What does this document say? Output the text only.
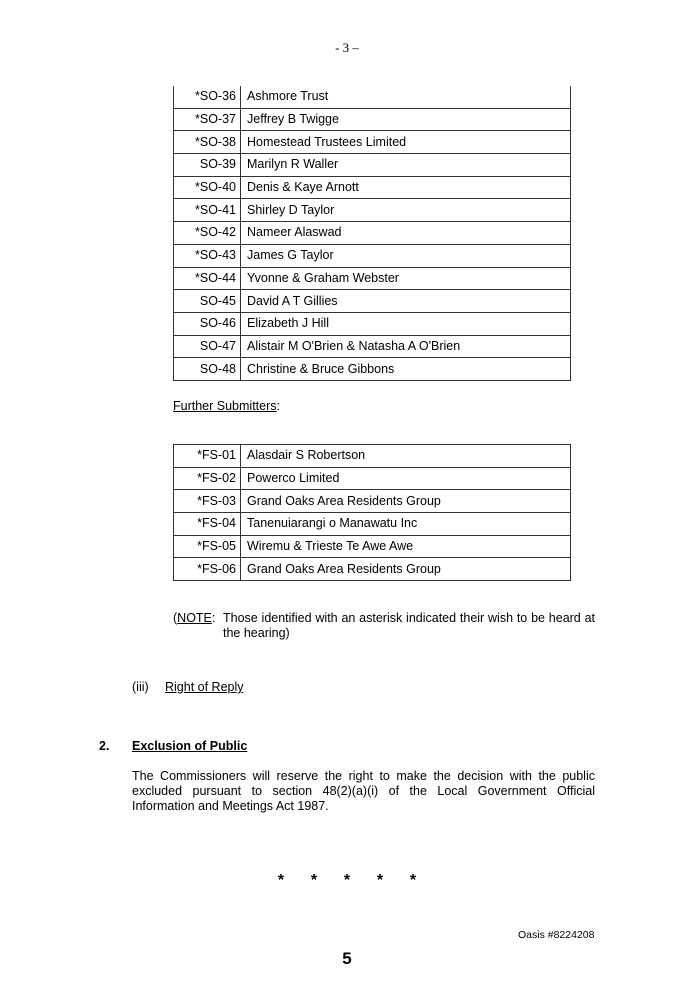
- 3 –
*SO-36	Ashmore Trust
*SO-37	Jeffrey B Twigge
*SO-38	Homestead Trustees Limited
SO-39	Marilyn R Waller
*SO-40	Denis & Kaye Arnott
*SO-41	Shirley D Taylor
*SO-42	Nameer Alaswad
*SO-43	James G Taylor
*SO-44	Yvonne & Graham Webster
SO-45	David A T Gillies
SO-46	Elizabeth J Hill
SO-47	Alistair M O'Brien & Natasha A O'Brien
SO-48	Christine & Bruce Gibbons
Further Submitters:
*FS-01	Alasdair S Robertson
*FS-02	Powerco Limited
*FS-03	Grand Oaks Area Residents Group
*FS-04	Tanenuiarangi o Manawatu Inc
*FS-05	Wiremu & Trieste Te Awe Awe
*FS-06	Grand Oaks Area Residents Group
(NOTE: Those identified with an asterisk indicated their wish to be heard at the hearing)
(iii) Right of Reply
2. Exclusion of Public
The Commissioners will reserve the right to make the decision with the public excluded pursuant to section 48(2)(a)(i) of the Local Government Official Information and Meetings Act 1987.
* * * * *
Oasis #8224208
5
